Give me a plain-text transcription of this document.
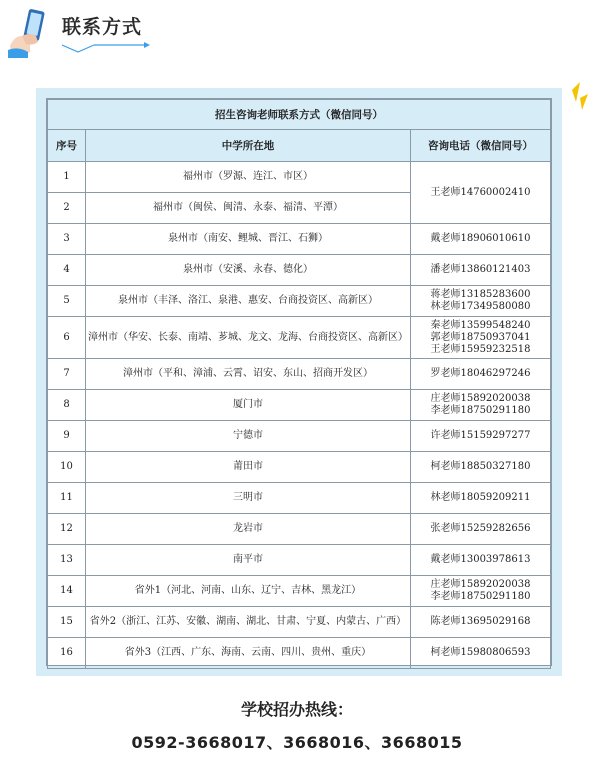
联系方式
招生咨询老师联系方式（微信同号）		
序号	中学所在地	咨询电话（微信同号）
1	福州市（罗源、连江、市区）	王老师14760002410
2	福州市（闽侯、闽清、永泰、福清、平潭）	
3	泉州市（南安、鲤城、晋江、石狮）	戴老师18906010610

4	泉州市（安溪、永春、德化）	潘老师13860121403

5	泉州市（丰泽、洛江、泉港、惠安、台商投资区、高新区）	蒋老师13185283600
林老师17349580080

6	漳州市（华安、长泰、南靖、芗城、龙文、龙海、台商投资区、高新区）	秦老师13599548240
郭老师18750937041
王老师15959232518

7	漳州市（平和、漳浦、云霄、诏安、东山、招商开发区）	罗老师18046297246

8	厦门市	庄老师15892020038
李老师18750291180

9	宁德市	许老师15159297277

10	莆田市	柯老师18850327180

11	三明市	林老师18059209211

12	龙岩市	张老师15259282656

13	南平市	戴老师13003978613

14	省外1（河北、河南、山东、辽宁、吉林、黑龙江）	庄老师15892020038
李老师18750291180

15	省外2（浙江、江苏、安徽、湖南、湖北、甘肃、宁夏、内蒙古、广西）	陈老师13695029168

16	省外3（江西、广东、海南、云南、四川、贵州、重庆）	柯老师15980806593
学校招办热线：
0592-3668017、3668016、3668015
